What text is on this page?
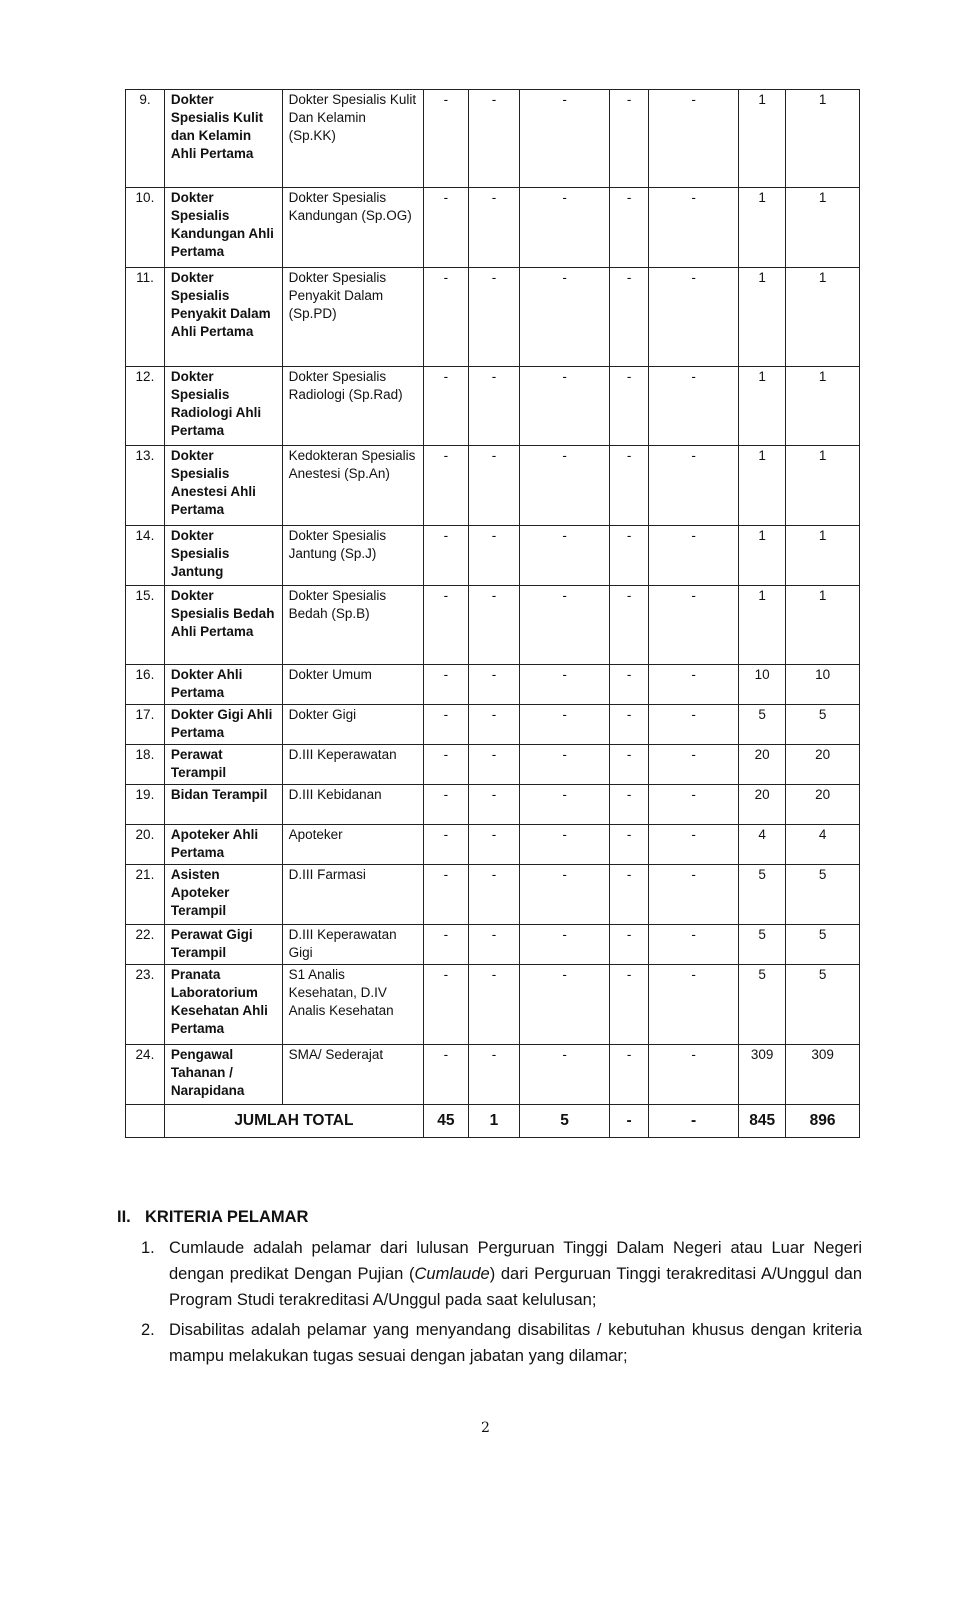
9.	Dokter Spesialis Kulit dan Kelamin Ahli Pertama	Dokter Spesialis Kulit Dan Kelamin (Sp.KK)	-	-	-	-	-	1	1
10.	Dokter Spesialis Kandungan Ahli Pertama	Dokter Spesialis Kandungan (Sp.OG)	-	-	-	-	-	1	1
11.	Dokter Spesialis Penyakit Dalam Ahli Pertama	Dokter Spesialis Penyakit Dalam (Sp.PD)	-	-	-	-	-	1	1
12.	Dokter Spesialis Radiologi Ahli Pertama	Dokter Spesialis Radiologi (Sp.Rad)	-	-	-	-	-	1	1
13.	Dokter Spesialis Anestesi Ahli Pertama	Kedokteran Spesialis Anestesi (Sp.An)	-	-	-	-	-	1	1
14.	Dokter Spesialis Jantung	Dokter Spesialis Jantung (Sp.J)	-	-	-	-	-	1	1
15.	Dokter Spesialis Bedah Ahli Pertama	Dokter Spesialis Bedah (Sp.B)	-	-	-	-	-	1	1
16.	Dokter Ahli Pertama	Dokter Umum	-	-	-	-	-	10	10
17.	Dokter Gigi Ahli Pertama	Dokter Gigi	-	-	-	-	-	5	5
18.	Perawat Terampil	D.III Keperawatan	-	-	-	-	-	20	20
19.	Bidan Terampil	D.III Kebidanan	-	-	-	-	-	20	20
20.	Apoteker Ahli Pertama	Apoteker	-	-	-	-	-	4	4
21.	Asisten Apoteker Terampil	D.III Farmasi	-	-	-	-	-	5	5
22.	Perawat Gigi Terampil	D.III Keperawatan Gigi	-	-	-	-	-	5	5
23.	Pranata Laboratorium Kesehatan Ahli Pertama	S1 Analis Kesehatan, D.IV Analis Kesehatan	-	-	-	-	-	5	5
24.	Pengawal Tahanan / Narapidana	SMA/ Sederajat	-	-	-	-	-	309	309
	JUMLAH TOTAL		45	1	5	-	-	845	896
II. KRITERIA PELAMAR
1. Cumlaude adalah pelamar dari lulusan Perguruan Tinggi Dalam Negeri atau Luar Negeri dengan predikat Dengan Pujian (Cumlaude) dari Perguruan Tinggi terakreditasi A/Unggul dan Program Studi terakreditasi A/Unggul pada saat kelulusan;
2. Disabilitas adalah pelamar yang menyandang disabilitas / kebutuhan khusus dengan kriteria mampu melakukan tugas sesuai dengan jabatan yang dilamar;
2
